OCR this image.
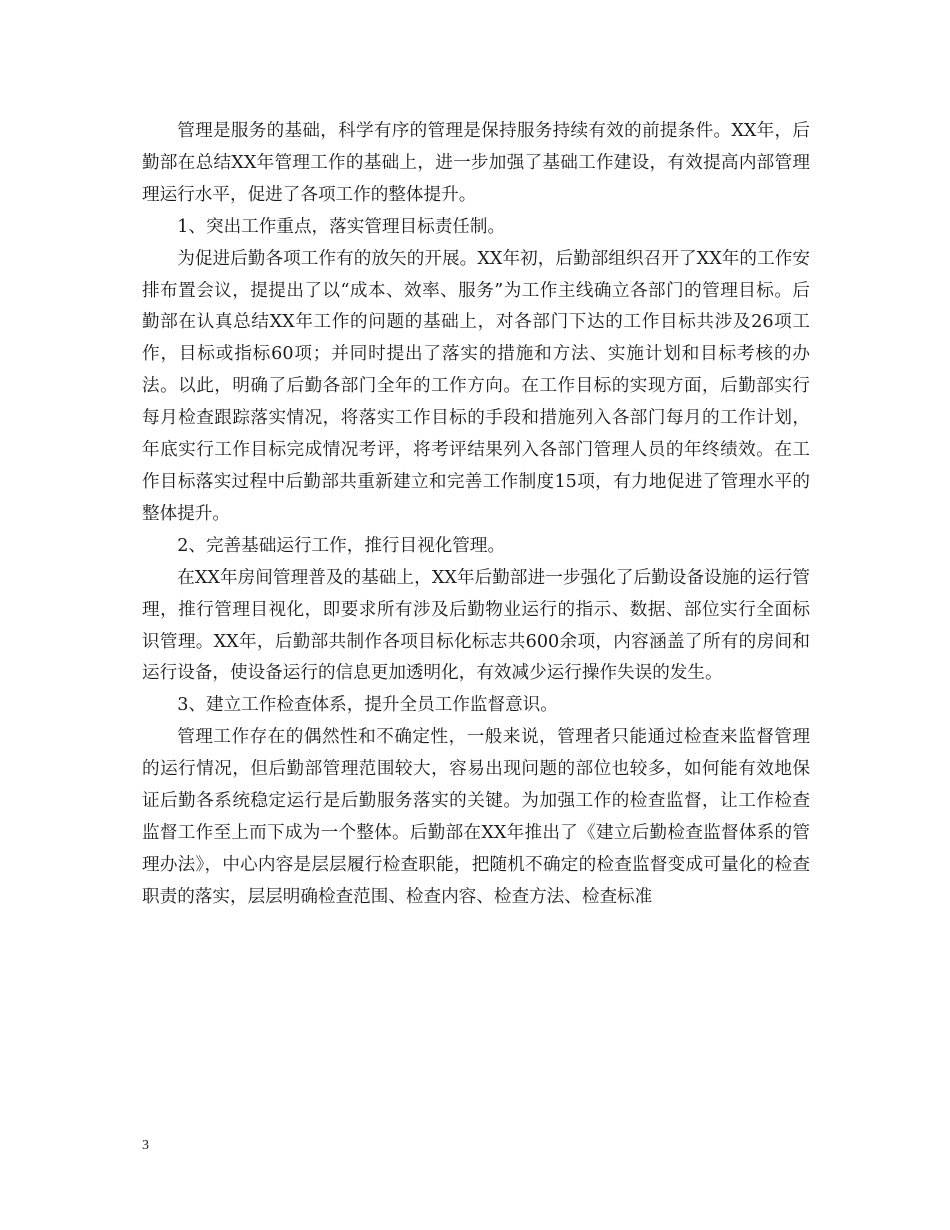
管理是服务的基础，科学有序的管理是保持服务持续有效的前提条件。XX年，后勤部在总结XX年管理工作的基础上，进一步加强了基础工作建设，有效提高内部管理理运行水平，促进了各项工作的整体提升。

1、突出工作重点，落实管理目标责任制。

为促进后勤各项工作有的放矢的开展。XX年初，后勤部组织召开了XX年的工作安排布置会议，提提出了以“成本、效率、服务”为工作主线确立各部门的管理目标。后勤部在认真总结XX年工作的问题的基础上，对各部门下达的工作目标共涉及26项工作，目标或指标60项；并同时提出了落实的措施和方法、实施计划和目标考核的办法。以此，明确了后勤各部门全年的工作方向。在工作目标的实现方面，后勤部实行每月检查跟踪落实情况，将落实工作目标的手段和措施列入各部门每月的工作计划，年底实行工作目标完成情况考评，将考评结果列入各部门管理人员的年终绩效。在工作目标落实过程中后勤部共重新建立和完善工作制度15项，有力地促进了管理水平的整体提升。

2、完善基础运行工作，推行目视化管理。

在XX年房间管理普及的基础上，XX年后勤部进一步强化了后勤设备设施的运行管理，推行管理目视化，即要求所有涉及后勤物业运行的指示、数据、部位实行全面标识管理。XX年，后勤部共制作各项目标化标志共600余项，内容涵盖了所有的房间和运行设备，使设备运行的信息更加透明化，有效减少运行操作失误的发生。

3、建立工作检查体系，提升全员工作监督意识。

管理工作存在的偶然性和不确定性，一般来说，管理者只能通过检查来监督管理的运行情况，但后勤部管理范围较大，容易出现问题的部位也较多，如何能有效地保证后勤各系统稳定运行是后勤服务落实的关键。为加强工作的检查监督，让工作检查监督工作至上而下成为一个整体。后勤部在XX年推出了《建立后勤检查监督体系的管理办法》，中心内容是层层履行检查职能，把随机不确定的检查监督变成可量化的检查职责的落实，层层明确检查范围、检查内容、检查方法、检查标准

3
